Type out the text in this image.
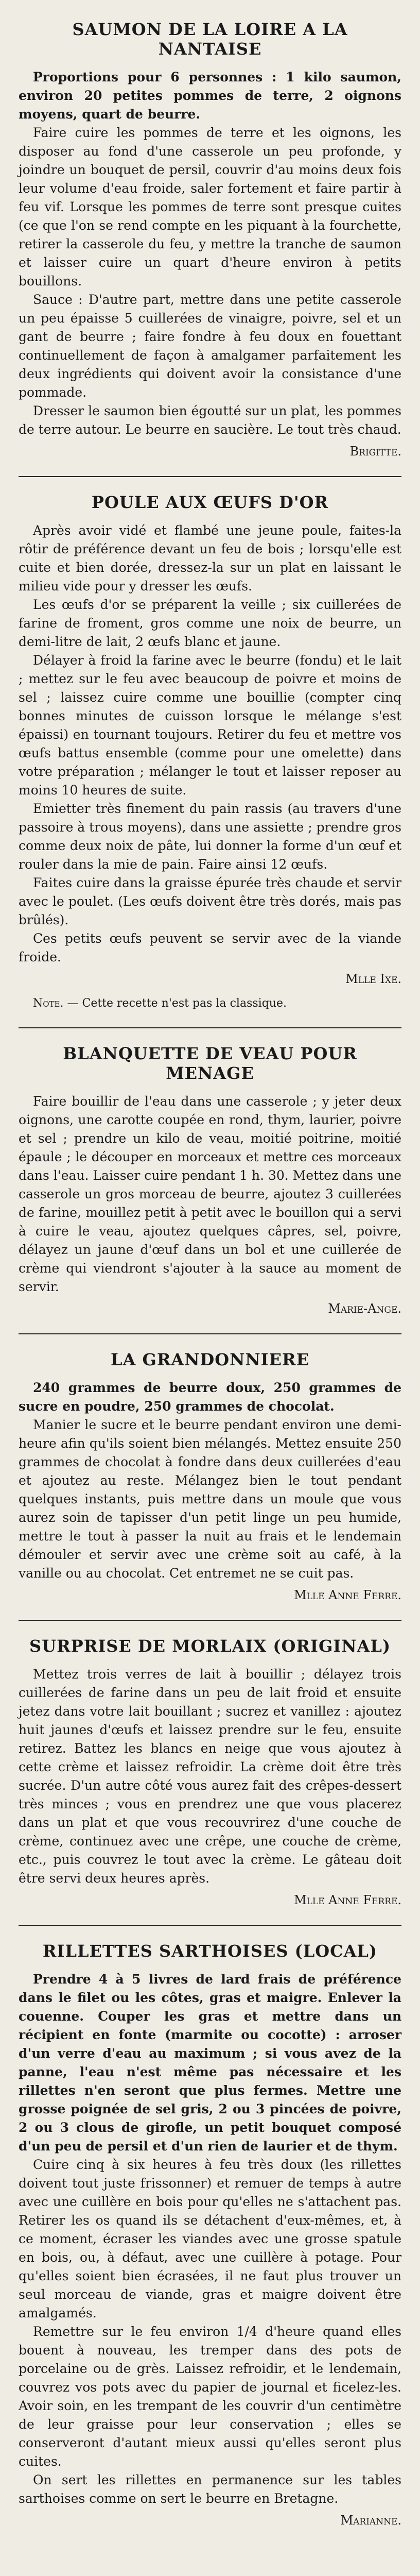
SAUMON DE LA LOIRE A LA NANTAISE

Proportions pour 6 personnes : 1 kilo saumon, environ 20 petites pommes de terre, 2 oignons moyens, quart de beurre.

Faire cuire les pommes de terre et les oignons, les disposer au fond d'une casserole un peu profonde, y joindre un bouquet de persil, couvrir d'au moins deux fois leur volume d'eau froide, saler fortement et faire partir à feu vif. Lorsque les pommes de terre sont presque cuites (ce que l'on se rend compte en les piquant à la fourchette, retirer la casserole du feu, y mettre la tranche de saumon et laisser cuire un quart d'heure environ à petits bouillons.

Sauce : D'autre part, mettre dans une petite casserole un peu épaisse 5 cuillerées de vinaigre, poivre, sel et un gant de beurre ; faire fondre à feu doux en fouettant continuellement de façon à amalgamer parfaitement les deux ingrédients qui doivent avoir la consistance d'une pommade.

Dresser le saumon bien égoutté sur un plat, les pommes de terre autour. Le beurre en saucière. Le tout très chaud.

Brigitte.

POULE AUX ŒUFS D'OR

Après avoir vidé et flambé une jeune poule, faites-la rôtir de préférence devant un feu de bois ; lorsqu'elle est cuite et bien dorée, dressez-la sur un plat en laissant le milieu vide pour y dresser les œufs.

Les œufs d'or se préparent la veille ; six cuillerées de farine de froment, gros comme une noix de beurre, un demi-litre de lait, 2 œufs blanc et jaune.

Délayer à froid la farine avec le beurre (fondu) et le lait ; mettez sur le feu avec beaucoup de poivre et moins de sel ; laissez cuire comme une bouillie (compter cinq bonnes minutes de cuisson lorsque le mélange s'est épaissi) en tournant toujours. Retirer du feu et mettre vos œufs battus ensemble (comme pour une omelette) dans votre préparation ; mélanger le tout et laisser reposer au moins 10 heures de suite.

Emietter très finement du pain rassis (au travers d'une passoire à trous moyens), dans une assiette ; prendre gros comme deux noix de pâte, lui donner la forme d'un œuf et rouler dans la mie de pain. Faire ainsi 12 œufs.

Faites cuire dans la graisse épurée très chaude et servir avec le poulet. (Les œufs doivent être très dorés, mais pas brûlés).

Ces petits œufs peuvent se servir avec de la viande froide.

Mlle Ixe.

Note. — Cette recette n'est pas la classique.

BLANQUETTE DE VEAU POUR MENAGE

Faire bouillir de l'eau dans une casserole ; y jeter deux oignons, une carotte coupée en rond, thym, laurier, poivre et sel ; prendre un kilo de veau, moitié poitrine, moitié épaule ; le découper en morceaux et mettre ces morceaux dans l'eau. Laisser cuire pendant 1 h. 30. Mettez dans une casserole un gros morceau de beurre, ajoutez 3 cuillerées de farine, mouillez petit à petit avec le bouillon qui a servi à cuire le veau, ajoutez quelques câpres, sel, poivre, délayez un jaune d'œuf dans un bol et une cuillerée de crème qui viendront s'ajouter à la sauce au moment de servir.

Marie-Ange.

LA GRANDONNIERE

240 grammes de beurre doux, 250 grammes de sucre en poudre, 250 grammes de chocolat.

Manier le sucre et le beurre pendant environ une demi-heure afin qu'ils soient bien mélangés. Mettez ensuite 250 grammes de chocolat à fondre dans deux cuillerées d'eau et ajoutez au reste. Mélangez bien le tout pendant quelques instants, puis mettre dans un moule que vous aurez soin de tapisser d'un petit linge un peu humide, mettre le tout à passer la nuit au frais et le lendemain démouler et servir avec une crème soit au café, à la vanille ou au chocolat. Cet entremet ne se cuit pas.

Mlle Anne Ferre.

SURPRISE DE MORLAIX (ORIGINAL)

Mettez trois verres de lait à bouillir ; délayez trois cuillerées de farine dans un peu de lait froid et ensuite jetez dans votre lait bouillant ; sucrez et vanillez : ajoutez huit jaunes d'œufs et laissez prendre sur le feu, ensuite retirez. Battez les blancs en neige que vous ajoutez à cette crème et laissez refroidir. La crème doit être très sucrée. D'un autre côté vous aurez fait des crêpes-dessert très minces ; vous en prendrez une que vous placerez dans un plat et que vous recouvrirez d'une couche de crème, continuez avec une crêpe, une couche de crème, etc., puis couvrez le tout avec la crème. Le gâteau doit être servi deux heures après.

Mlle Anne Ferre.

RILLETTES SARTHOISES (LOCAL)

Prendre 4 à 5 livres de lard frais de préférence dans le filet ou les côtes, gras et maigre. Enlever la couenne. Couper les gras et mettre dans un récipient en fonte (marmite ou cocotte) : arroser d'un verre d'eau au maximum ; si vous avez de la panne, l'eau n'est même pas nécessaire et les rillettes n'en seront que plus fermes. Mettre une grosse poignée de sel gris, 2 ou 3 pincées de poivre, 2 ou 3 clous de girofle, un petit bouquet composé d'un peu de persil et d'un rien de laurier et de thym.

Cuire cinq à six heures à feu très doux (les rillettes doivent tout juste frissonner) et remuer de temps à autre avec une cuillère en bois pour qu'elles ne s'attachent pas. Retirer les os quand ils se détachent d'eux-mêmes, et, à ce moment, écraser les viandes avec une grosse spatule en bois, ou, à défaut, avec une cuillère à potage. Pour qu'elles soient bien écrasées, il ne faut plus trouver un seul morceau de viande, gras et maigre doivent être amalgamés.

Remettre sur le feu environ 1/4 d'heure quand elles bouent à nouveau, les tremper dans des pots de porcelaine ou de grès. Laissez refroidir, et le lendemain, couvrez vos pots avec du papier de journal et ficelez-les. Avoir soin, en les trempant de les couvrir d'un centimètre de leur graisse pour leur conservation ; elles se conserveront d'autant mieux aussi qu'elles seront plus cuites.

On sert les rillettes en permanence sur les tables sarthoises comme on sert le beurre en Bretagne.

Marianne.
